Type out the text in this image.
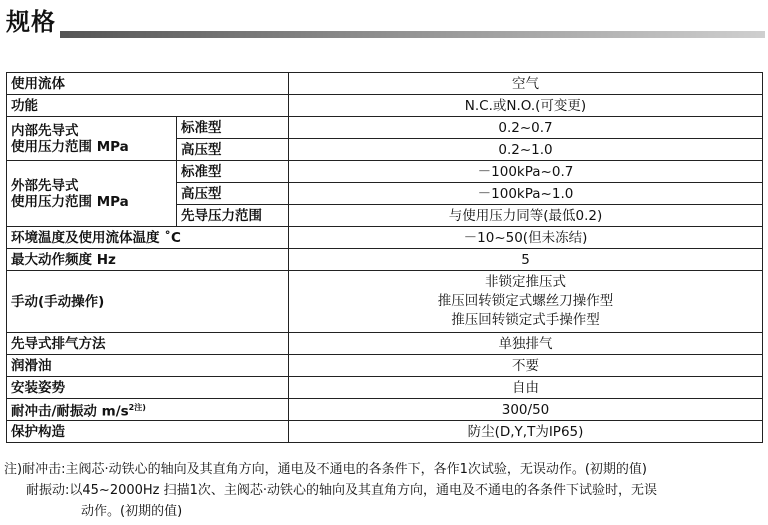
规格
使用流体		空气
功能		N.C.或N.O.(可变更)

内部先导式
使用压力范围 MPa	标准型	0.2~0.7
	高压型	0.2~1.0

外部先导式
使用压力范围 MPa	标准型	－100kPa~0.7
	高压型	－100kPa~1.0
	先导压力范围	与使用压力同等(最低0.2)
环境温度及使用流体温度 ˚C		－10~50(但未冻结)
最大动作频度 Hz		5
手动(手动操作)		非锁定推压式
推压回转锁定式螺丝刀操作型
推压回转锁定式手操作型

先导式排气方法		单独排气
润滑油		不要
安装姿势		自由
耐冲击/耐振动 $m/s^{2注)}$		300/50
保护构造		防尘(D,Y,T为IP65)
注)耐冲击: 主阀芯·动铁心的轴向及其直角方向，通电及不通电的各条件下，各作1次试验，无误动作。(初期的值)
耐振动: 以45~2000Hz 扫描1次、主阀芯·动铁心的轴向及其直角方向，通电及不通电的各条件下试验时，无误
动作。(初期的值)
